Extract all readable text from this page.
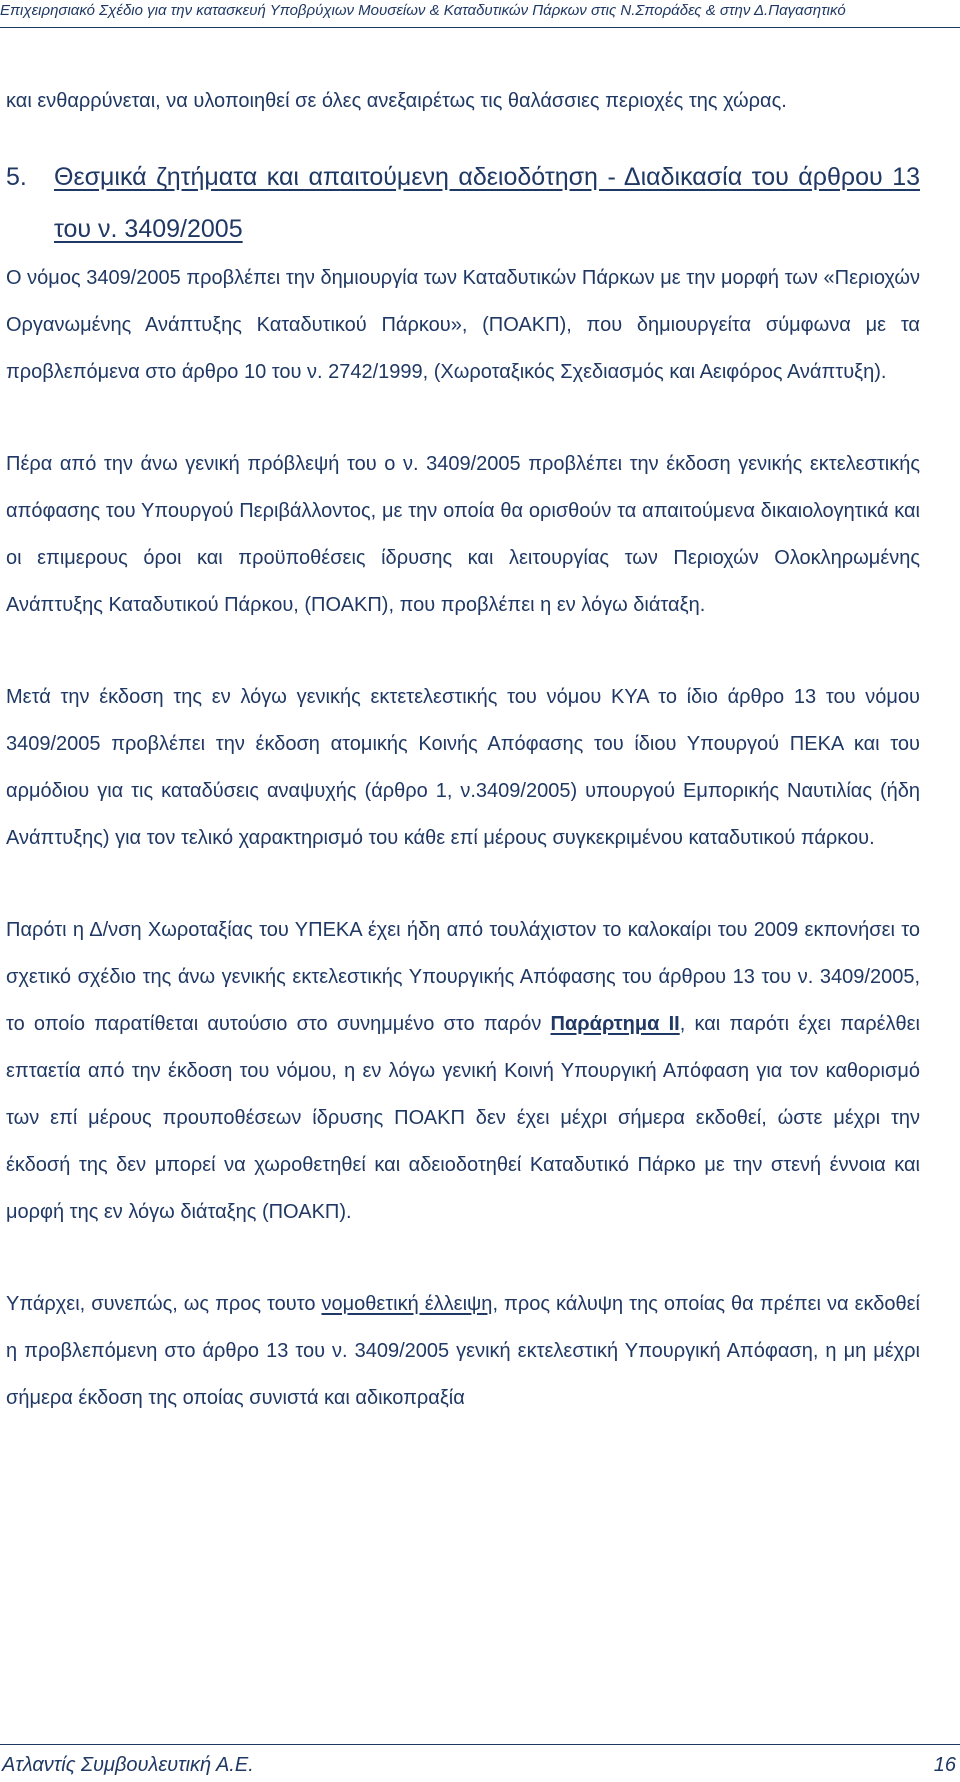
Επιχειρησιακό Σχέδιο για την κατασκευή Υποβρύχιων Μουσείων & Καταδυτικών Πάρκων στις Ν.Σποράδες & στην Δ.Παγασητικό

και ενθαρρύνεται, να υλοποιηθεί σε όλες ανεξαιρέτως τις θαλάσσιες περιοχές της χώρας.

5. Θεσμικά ζητήματα και απαιτούμενη αδειοδότηση - Διαδικασία του άρθρου 13 του ν. 3409/2005

Ο νόμος 3409/2005 προβλέπει την δημιουργία των Καταδυτικών Πάρκων με την μορφή των «Περιοχών Οργανωμένης Ανάπτυξης Καταδυτικού Πάρκου», (ΠΟΑΚΠ), που δημιουργείτα σύμφωνα με τα προβλεπόμενα στο άρθρο 10 του ν. 2742/1999, (Χωροταξικός Σχεδιασμός και Αειφόρος Ανάπτυξη).

Πέρα από την άνω γενική πρόβλεψή του ο ν. 3409/2005 προβλέπει την έκδοση γενικής εκτελεστικής απόφασης του Υπουργού Περιβάλλοντος, με την οποία θα ορισθούν τα απαιτούμενα δικαιολογητικά και οι επιμερους όροι και προϋποθέσεις ίδρυσης και λειτουργίας των Περιοχών Ολοκληρωμένης Ανάπτυξης Καταδυτικού Πάρκου, (ΠΟΑΚΠ), που προβλέπει η εν λόγω διάταξη.

Μετά την έκδοση της εν λόγω γενικής εκτετελεστικής του νόμου ΚΥΑ το ίδιο άρθρο 13 του νόμου 3409/2005 προβλέπει την έκδοση ατομικής Κοινής Απόφασης του ίδιου Υπουργού ΠΕΚΑ και του αρμόδιου για τις καταδύσεις αναψυχής (άρθρο 1, ν.3409/2005) υπουργού Εμπορικής Ναυτιλίας (ήδη Ανάπτυξης) για τον τελικό χαρακτηρισμό του κάθε επί μέρους συγκεκριμένου καταδυτικού πάρκου.

Παρότι η Δ/νση Χωροταξίας του ΥΠΕΚΑ έχει ήδη από τουλάχιστον το καλοκαίρι του 2009 εκπονήσει το σχετικό σχέδιο της άνω γενικής εκτελεστικής Υπουργικής Απόφασης του άρθρου 13 του ν. 3409/2005, το οποίο παρατίθεται αυτούσιο στο συνημμένο στο παρόν Παράρτημα ΙΙ, και παρότι έχει παρέλθει επταετία από την έκδοση του νόμου, η εν λόγω γενική Κοινή Υπουργική Απόφαση για τον καθορισμό των επί μέρους προυποθέσεων ίδρυσης ΠΟΑΚΠ δεν έχει μέχρι σήμερα εκδοθεί, ώστε μέχρι την έκδοσή της δεν μπορεί να χωροθετηθεί και αδειοδοτηθεί Καταδυτικό Πάρκο με την στενή έννοια και μορφή της εν λόγω διάταξης (ΠΟΑΚΠ).

Υπάρχει, συνεπώς, ως προς τουτο νομοθετική έλλειψη, προς κάλυψη της οποίας θα πρέπει να εκδοθεί η προβλεπόμενη στο άρθρο 13 του ν. 3409/2005 γενική εκτελεστική Υπουργική Απόφαση, η μη μέχρι σήμερα έκδοση της οποίας συνιστά και αδικοπραξία

Ατλαντίς Συμβουλευτική Α.Ε.	16
